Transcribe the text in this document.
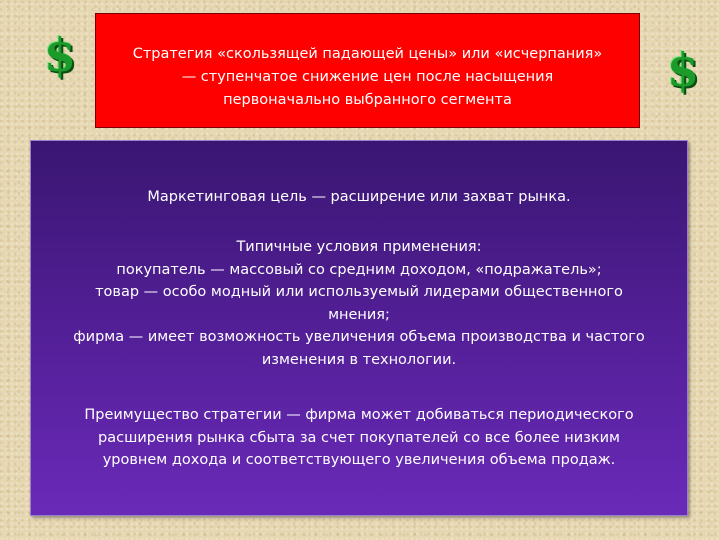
$	$
Стратегия «скользящей падающей цены» или «исчерпания»
— ступенчатое снижение цен после насыщения
первоначально выбранного сегмента
Маркетинговая цель — расширение или захват рынка.
Типичные условия применения:
покупатель — массовый со средним доходом, «подражатель»;
товар — особо модный или используемый лидерами общественного
мнения;
фирма — имеет возможность увеличения объема производства и частого
изменения в технологии.
Преимущество стратегии — фирма может добиваться периодического
расширения рынка сбыта за счет покупателей со все более низким
уровнем дохода и соответствующего увеличения объема продаж.
